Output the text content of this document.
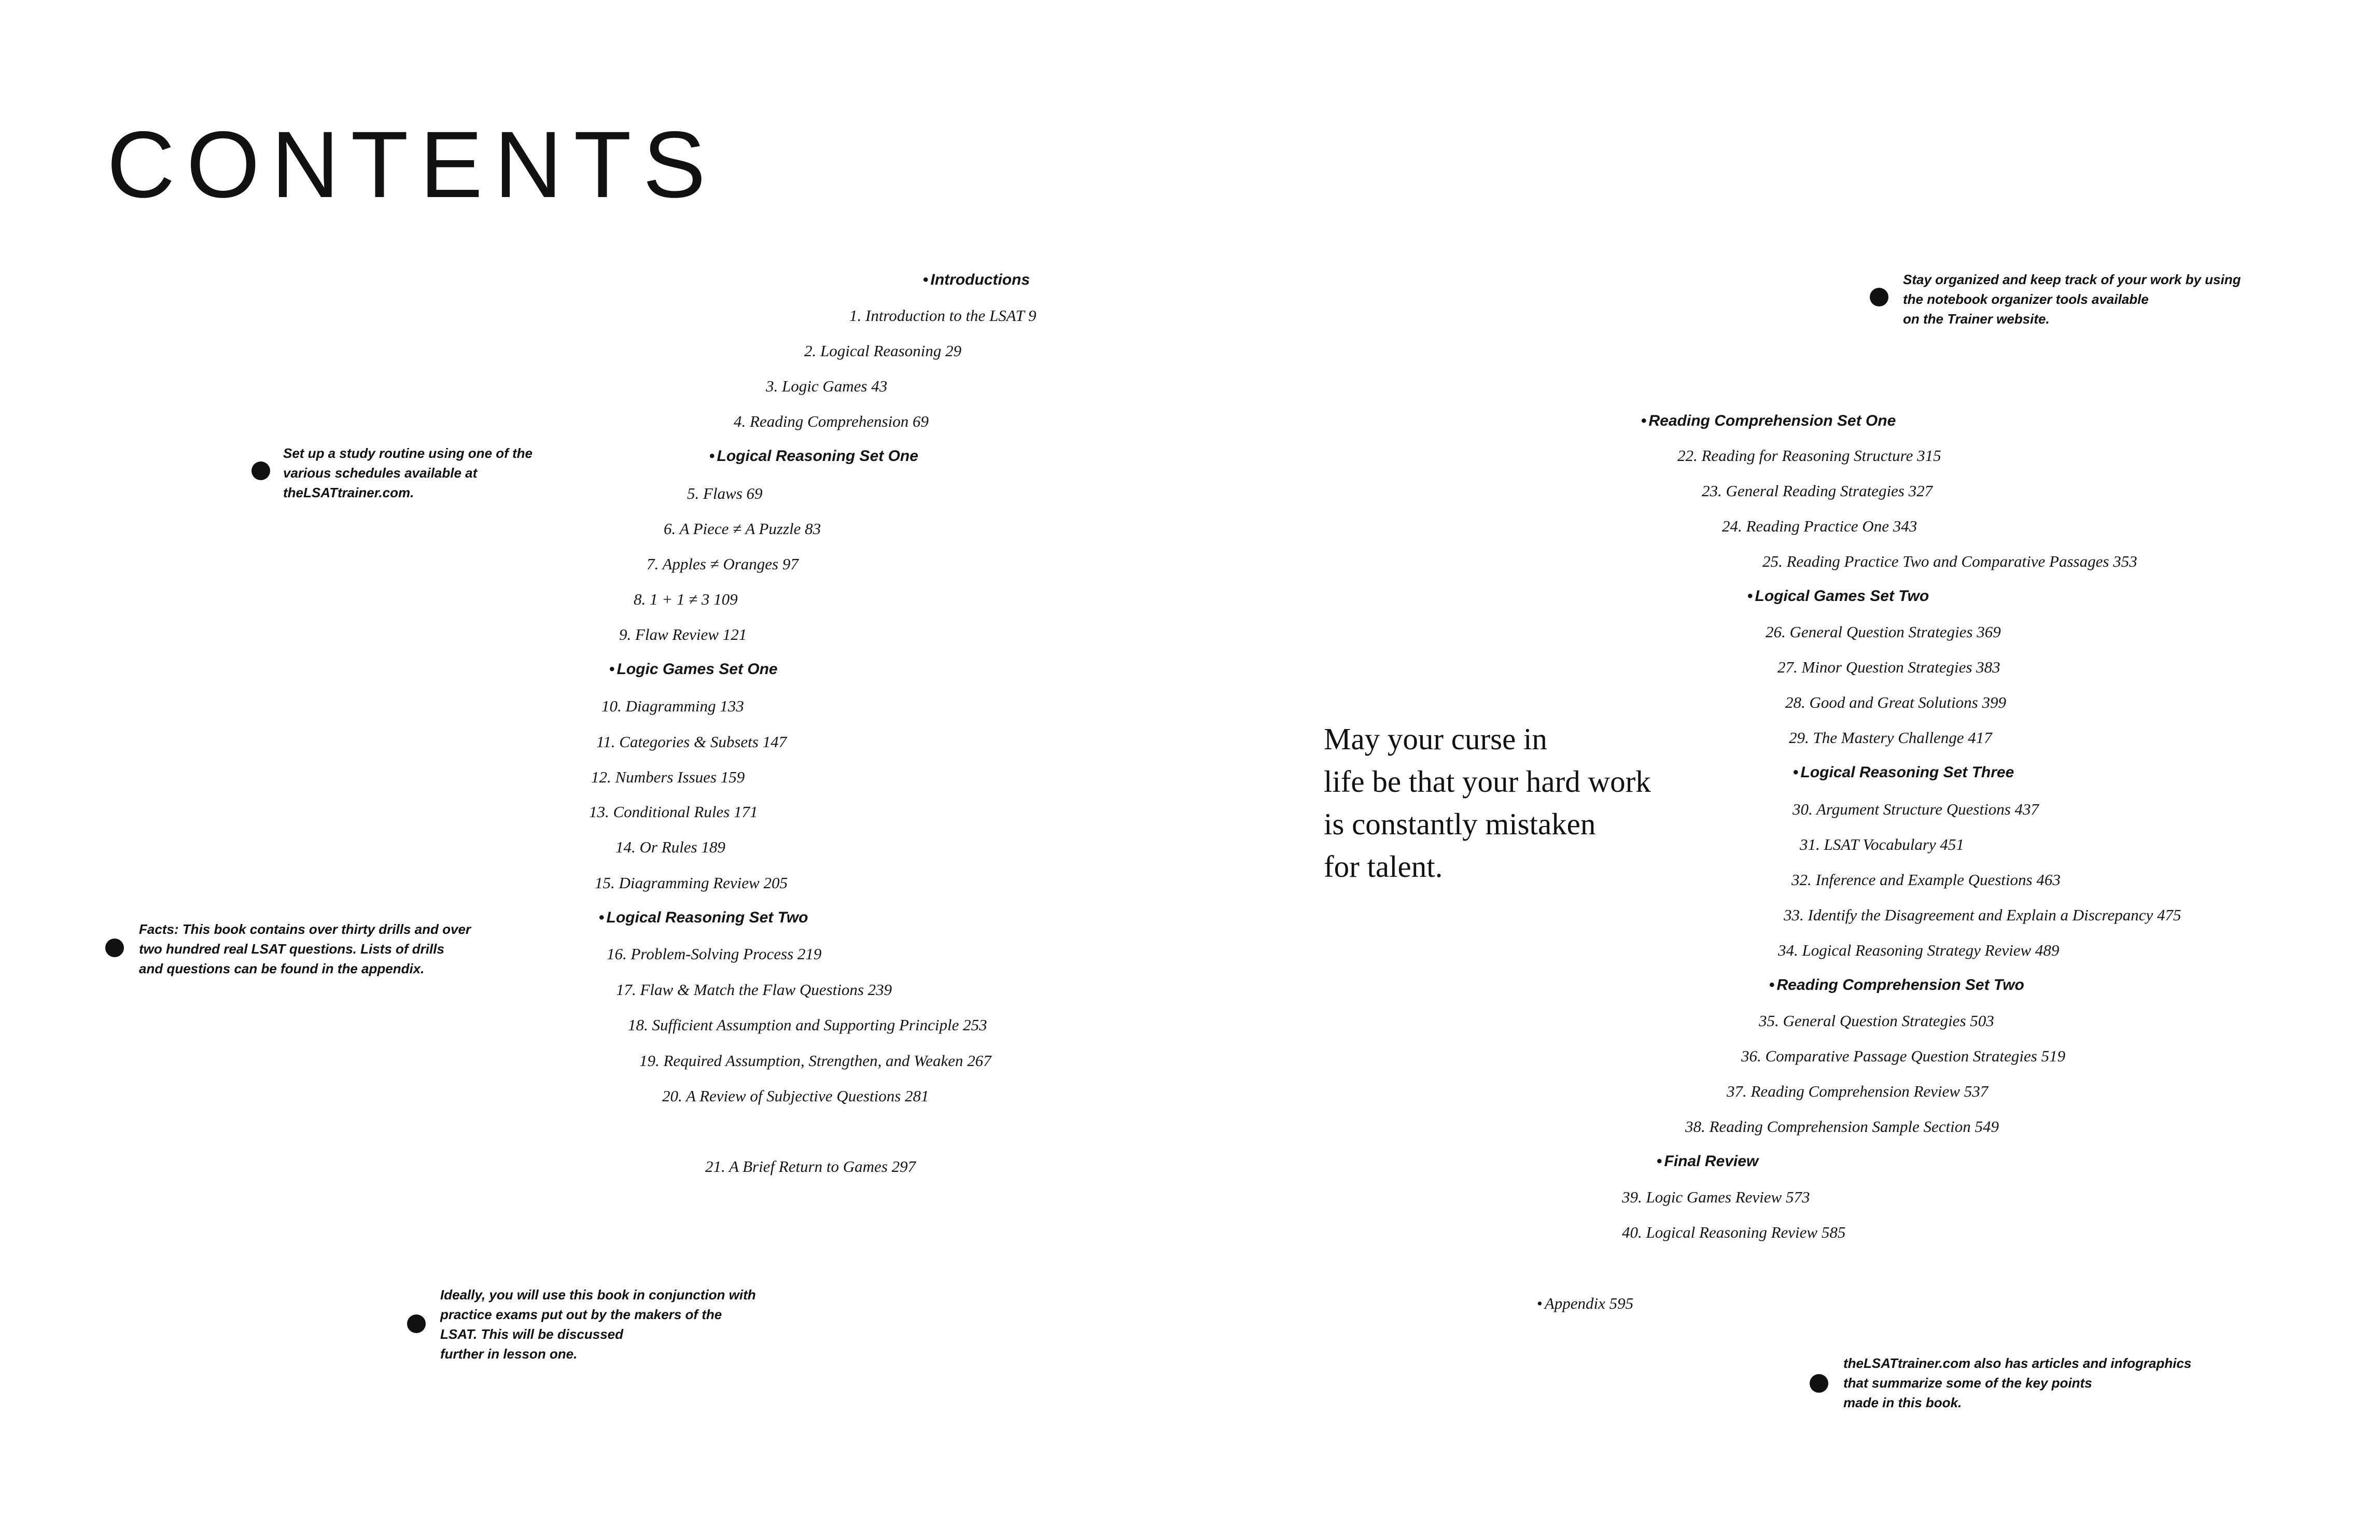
CONTENTS
• Introductions
1. Introduction to the LSAT 9
2. Logical Reasoning 29
3. Logic Games 43
4. Reading Comprehension 69
• Logical Reasoning Set One
5. Flaws 69
6. A Piece ≠ A Puzzle 83
7. Apples ≠ Oranges 97
8. 1 + 1 ≠ 3 109
9. Flaw Review 121
• Logic Games Set One
10. Diagramming 133
11. Categories & Subsets 147
12. Numbers Issues 159
13. Conditional Rules 171
14. Or Rules 189
15. Diagramming Review 205
• Logical Reasoning Set Two
16. Problem-Solving Process 219
17. Flaw & Match the Flaw Questions 239
18. Sufficient Assumption and Supporting Principle 253
19. Required Assumption, Strengthen, and Weaken 267
20. A Review of Subjective Questions 281
21. A Brief Return to Games 297
• Reading Comprehension Set One
22. Reading for Reasoning Structure 315
23. General Reading Strategies 327
24. Reading Practice One 343
25. Reading Practice Two and Comparative Passages 353
• Logical Games Set Two
26. General Question Strategies 369
27. Minor Question Strategies 383
28. Good and Great Solutions 399
29. The Mastery Challenge 417
• Logical Reasoning Set Three
30. Argument Structure Questions 437
31. LSAT Vocabulary 451
32. Inference and Example Questions 463
33. Identify the Disagreement and Explain a Discrepancy 475
34. Logical Reasoning Strategy Review 489
• Reading Comprehension Set Two
35. General Question Strategies 503
36. Comparative Passage Question Strategies 519
37. Reading Comprehension Review 537
38. Reading Comprehension Sample Section 549
• Final Review
39. Logic Games Review 573
40. Logical Reasoning Review 585
• Appendix 595
May your curse in
life be that your hard work
is constantly mistaken
for talent.
Set up a study routine using one of the
various schedules available at
theLSATtrainer.com.
Facts: This book contains over thirty drills and over
two hundred real LSAT questions. Lists of drills
and questions can be found in the appendix.
Ideally, you will use this book in conjunction with
practice exams put out by the makers of the
LSAT. This will be discussed
further in lesson one.
Stay organized and keep track of your work by using
the notebook organizer tools available
on the Trainer website.
theLSATtrainer.com also has articles and infographics
that summarize some of the key points
made in this book.
